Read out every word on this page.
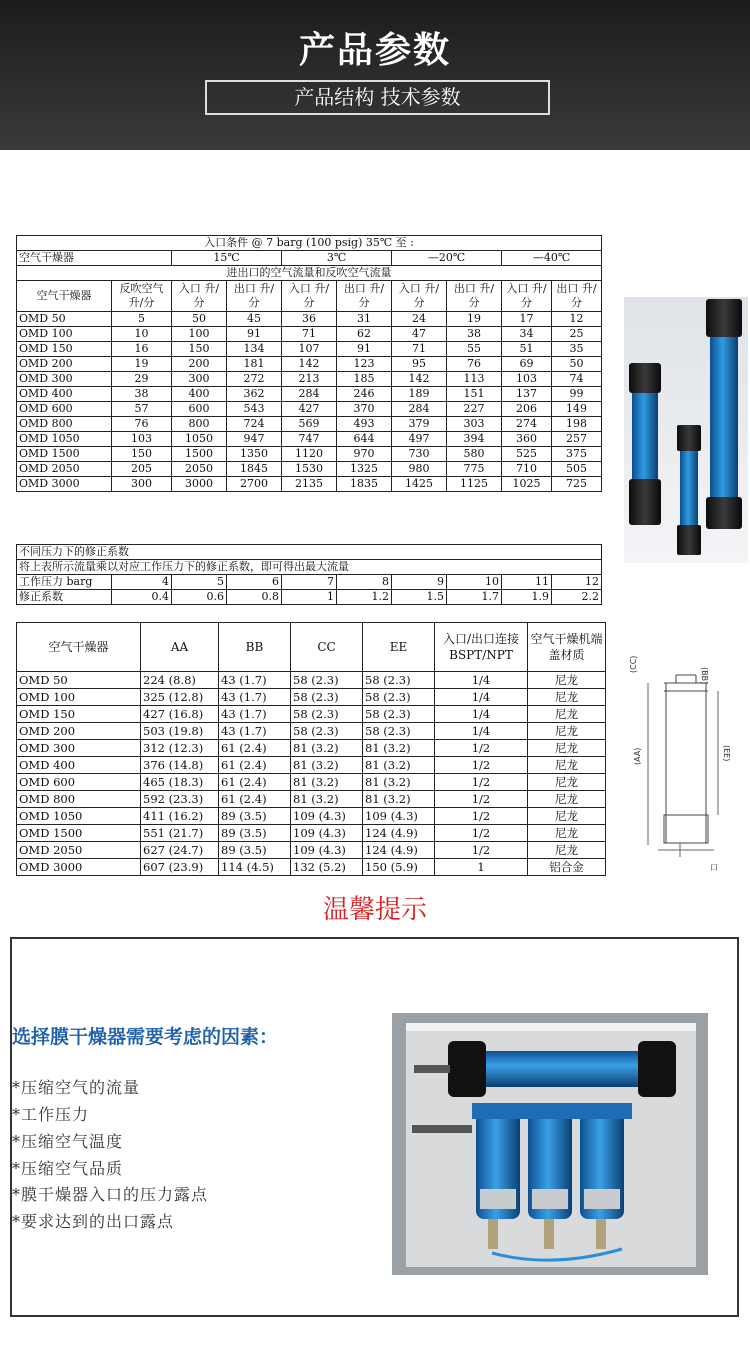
产品参数
产品结构 技术参数
入口条件 @ 7 barg (100 psig) 35℃ 至 :									
空气干燥器		15℃		3℃		—20℃		—40℃	
进出口的空气流量和反吹空气流量									
空气干燥器	反吹空气 升/分	入口 升/分	出口 升/分	入口 升/分	出口 升/分	入口 升/分	出口 升/分	入口 升/分	出口 升/分
OMD 50	5	50	45	36	31	24	19	17	12
OMD 100	10	100	91	71	62	47	38	34	25
OMD 150	16	150	134	107	91	71	55	51	35
OMD 200	19	200	181	142	123	95	76	69	50
OMD 300	29	300	272	213	185	142	113	103	74
OMD 400	38	400	362	284	246	189	151	137	99
OMD 600	57	600	543	427	370	284	227	206	149
OMD 800	76	800	724	569	493	379	303	274	198
OMD 1050	103	1050	947	747	644	497	394	360	257
OMD 1500	150	1500	1350	1120	970	730	580	525	375
OMD 2050	205	2050	1845	1530	1325	980	775	710	505
OMD 3000	300	3000	2700	2135	1835	1425	1125	1025	725
不同压力下的修正系数									
将上表所示流量乘以对应工作压力下的修正系数，即可得出最大流量									
工作压力 barg	4	5	6	7	8	9	10	11	12
修正系数	0.4	0.6	0.8	1	1.2	1.5	1.7	1.9	2.2
空气干燥器	AA	BB	CC	EE	入口/出口连接 BSPT/NPT	空气干燥机端盖材质
OMD 50	224 (8.8)	43 (1.7)	58 (2.3)	58 (2.3)	1/4	尼龙
OMD 100	325 (12.8)	43 (1.7)	58 (2.3)	58 (2.3)	1/4	尼龙
OMD 150	427 (16.8)	43 (1.7)	58 (2.3)	58 (2.3)	1/4	尼龙
OMD 200	503 (19.8)	43 (1.7)	58 (2.3)	58 (2.3)	1/4	尼龙
OMD 300	312 (12.3)	61 (2.4)	81 (3.2)	81 (3.2)	1/2	尼龙
OMD 400	376 (14.8)	61 (2.4)	81 (3.2)	81 (3.2)	1/2	尼龙
OMD 600	465 (18.3)	61 (2.4)	81 (3.2)	81 (3.2)	1/2	尼龙
OMD 800	592 (23.3)	61 (2.4)	81 (3.2)	81 (3.2)	1/2	尼龙
OMD 1050	411 (16.2)	89 (3.5)	109 (4.3)	109 (4.3)	1/2	尼龙
OMD 1500	551 (21.7)	89 (3.5)	109 (4.3)	124 (4.9)	1/2	尼龙
OMD 2050	627 (24.7)	89 (3.5)	109 (4.3)	124 (4.9)	1/2	尼龙
OMD 3000	607 (23.9)	114 (4.5)	132 (5.2)	150 (5.9)	1	铝合金
(CC)
(BB)
(AA)	(EE)
口
温馨提示
选择膜干燥器需要考虑的因素：
*压缩空气的流量
*工作压力
*压缩空气温度
*压缩空气品质
*膜干燥器入口的压力露点
*要求达到的出口露点
